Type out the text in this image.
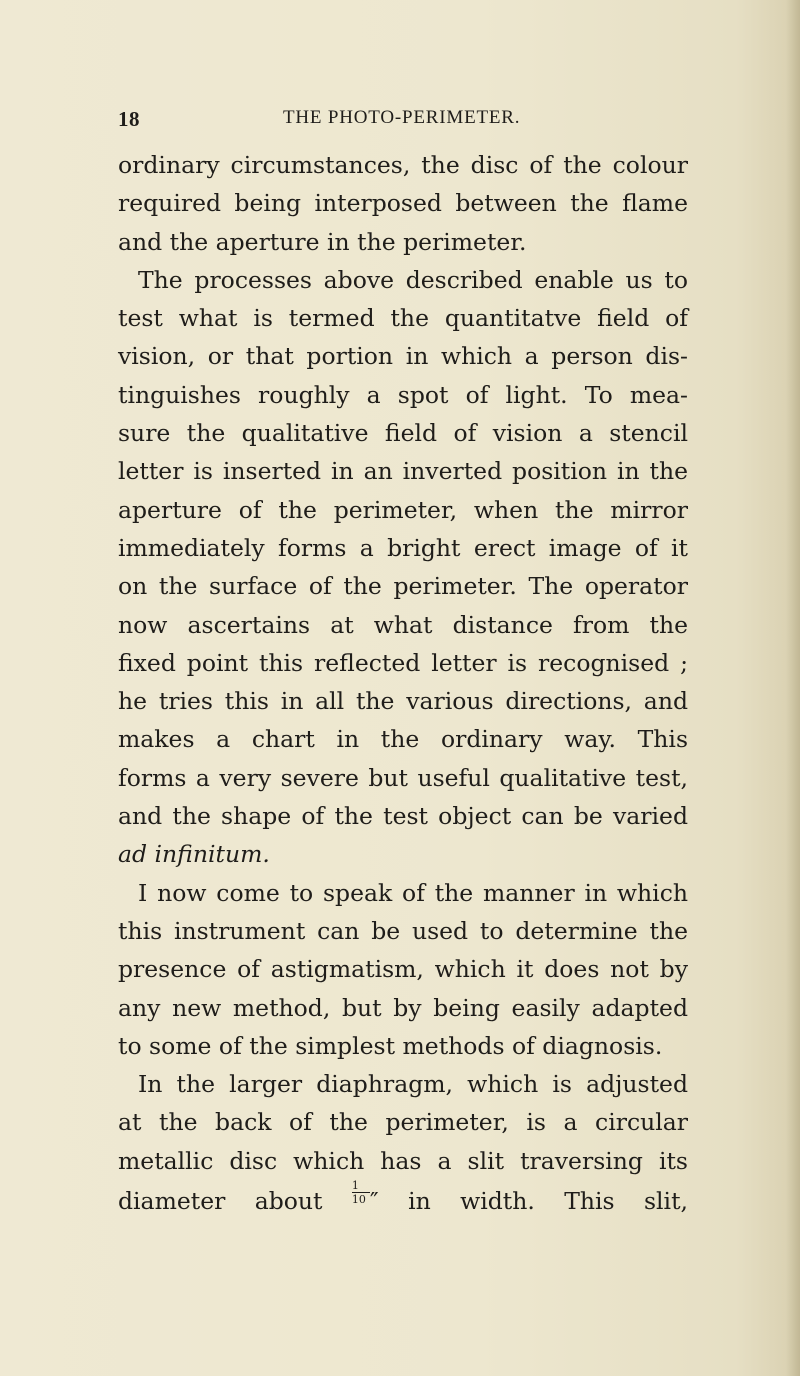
18	THE PHOTO-PERIMETER.
ordinary circumstances, the disc of the colour
required being interposed between the flame
and the aperture in the perimeter.
The processes above described enable us to
test what is termed the quantitatve field of
vision, or that portion in which a person dis-
tinguishes roughly a spot of light. To mea-
sure the qualitative field of vision a stencil
letter is inserted in an inverted position in the
aperture of the perimeter, when the mirror
immediately forms a bright erect image of it
on the surface of the perimeter. The operator
now ascertains at what distance from the
fixed point this reflected letter is recognised ;
he tries this in all the various directions, and
makes a chart in the ordinary way. This
forms a very severe but useful qualitative test,
and the shape of the test object can be varied
ad infinitum.
I now come to speak of the manner in which
this instrument can be used to determine the
presence of astigmatism, which it does not by
any new method, but by being easily adapted
to some of the simplest methods of diagnosis.
In the larger diaphragm, which is adjusted
at the back of the perimeter, is a circular
metallic disc which has a slit traversing its
diameter about	$\frac{1}{10}$ ″ in width. This slit,
